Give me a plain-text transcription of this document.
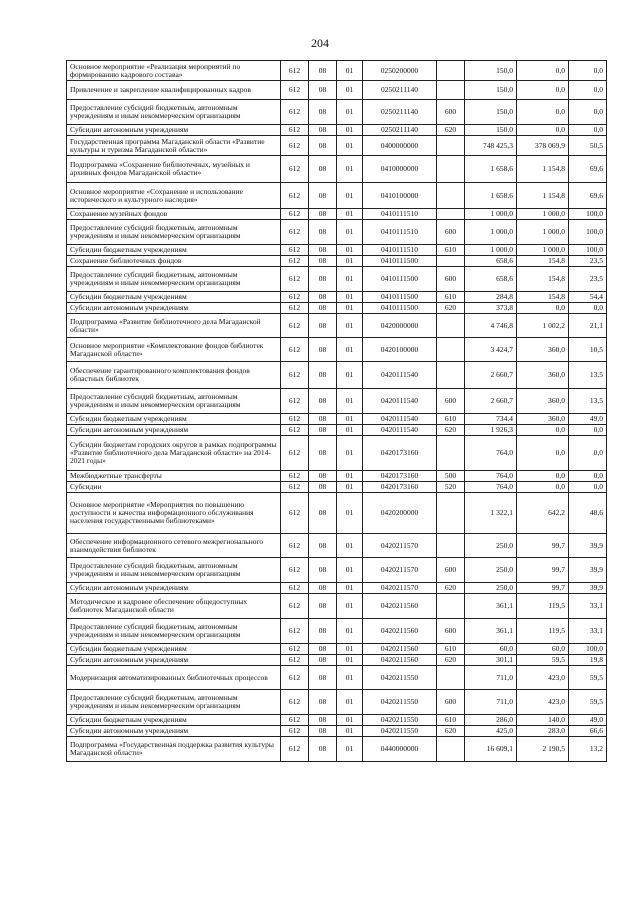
204
Основное мероприятие «Реализация мероприятий по формированию кадрового состава»	612	08	01	0250200000		150,0	0,0	0,0
Привлечение и закрепление квалифицированных кадров	612	08	01	0250211140		150,0	0,0	0,0
Предоставление субсидий бюджетным, автономным учреждениям и иным некоммерческим организациям	612	08	01	0250211140	600	150,0	0,0	0,0
Субсидии автономным учреждениям	612	08	01	0250211140	620	150,0	0,0	0,0
Государственная программа Магаданской области «Развитие культуры и туризма Магаданской области»	612	08	01	0400000000		748 425,3	378 069,9	50,5
Подпрограмма «Сохранение библиотечных, музейных и архивных фондов Магаданской области»	612	08	01	0410000000		1 658,6	1 154,8	69,6
Основное мероприятие «Сохранение и использование исторического и культурного наследия»	612	08	01	0410100000		1 658,6	1 154,8	69,6
Сохранение музейных фондов	612	08	01	0410111510		1 000,0	1 000,0	100,0
Предоставление субсидий бюджетным, автономным учреждениям и иным некоммерческим организациям	612	08	01	0410111510	600	1 000,0	1 000,0	100,0
Субсидии бюджетным учреждениям	612	08	01	0410111510	610	1 000,0	1 000,0	100,0
Сохранение библиотечных фондов	612	08	01	0410111500		658,6	154,8	23,5
Предоставление субсидий бюджетным, автономным учреждениям и иным некоммерческим организациям	612	08	01	0410111500	600	658,6	154,8	23,5
Субсидии бюджетным учреждениям	612	08	01	0410111500	610	284,8	154,8	54,4
Субсидии автономным учреждениям	612	08	01	0410111500	620	373,8	0,0	0,0
Подпрограмма «Развитие библиотечного дела Магаданской области»	612	08	01	0420000000		4 746,8	1 002,2	21,1
Основное мероприятие «Комплектование фондов библиотек Магаданской области»	612	08	01	0420100000		3 424,7	360,0	10,5
Обеспечение гарантированного комплектования фондов областных библиотек	612	08	01	0420111540		2 660,7	360,0	13,5
Предоставление субсидий бюджетным, автономным учреждениям и иным некоммерческим организациям	612	08	01	0420111540	600	2 660,7	360,0	13,5
Субсидии бюджетным учреждениям	612	08	01	0420111540	610	734,4	360,0	49,0
Субсидии автономным учреждениям	612	08	01	0420111540	620	1 926,3	0,0	0,0
Субсидии бюджетам городских округов в рамках подпрограммы «Развитие библиотечного дела Магаданской области» на 2014-2021 годы»	612	08	01	0420173160		764,0	0,0	0,0
Межбюджетные трансферты	612	08	01	0420173160	500	764,0	0,0	0,0
Субсидии	612	08	01	0420173160	520	764,0	0,0	0,0
Основное мероприятие «Мероприятия по повышению доступности и качества информационного обслуживания населения государственными библиотеками»	612	08	01	0420200000		1 322,1	642,2	48,6
Обеспечение информационного сетевого межрегионального взаимодействия библиотек	612	08	01	0420211570		250,0	99,7	39,9
Предоставление субсидий бюджетным, автономным учреждениям и иным некоммерческим организациям	612	08	01	0420211570	600	250,0	99,7	39,9
Субсидии автономным учреждениям	612	08	01	0420211570	620	250,0	99,7	39,9
Методическое и кадровое обеспечение общедоступных библиотек Магаданской области	612	08	01	0420211560		361,1	119,5	33,1
Предоставление субсидий бюджетным, автономным учреждениям и иным некоммерческим организациям	612	08	01	0420211560	600	361,1	119,5	33,1
Субсидии бюджетным учреждениям	612	08	01	0420211560	610	60,0	60,0	100,0
Субсидии автономным учреждениям	612	08	01	0420211560	620	301,1	59,5	19,8
Модернизация автоматизированных библиотечных процессов	612	08	01	0420211550		711,0	423,0	59,5
Предоставление субсидий бюджетным, автономным учреждениям и иным некоммерческим организациям	612	08	01	0420211550	600	711,0	423,0	59,5
Субсидии бюджетным учреждениям	612	08	01	0420211550	610	286,0	140,0	49,0
Субсидии автономным учреждениям	612	08	01	0420211550	620	425,0	283,0	66,6
Подпрограмма «Государственная поддержка развития культуры Магаданской области»	612	08	01	0440000000		16 609,1	2 190,5	13,2
